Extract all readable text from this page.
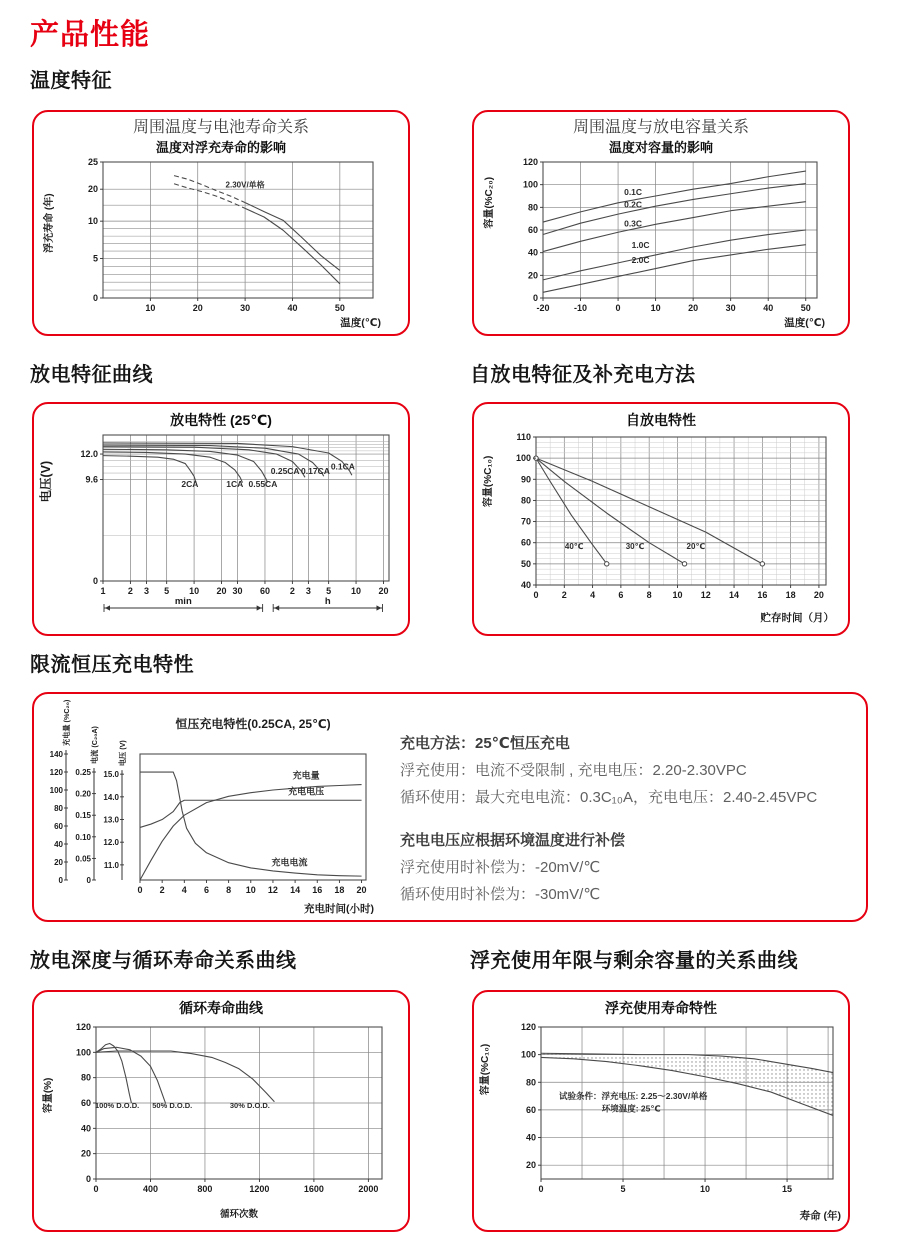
产品性能
温度特征
周围温度与电池寿命关系
温度对浮充寿命的影响
2.30V/单格
10	20	30	40	50
0
5
10
20
25
温度(℃)
浮充寿命 (年)
周围温度与放电容量关系
温度对容量的影响
0.1C
0.2C
0.3C
1.0C
2.0C
-20	-10	0	10	20	30	40	50
0
20
40
60
80
100
120
温度(℃)
容量(%C₂₀)
放电特征曲线	自放电特征及补充电方法
放电特性 (25℃)
2CA	1CA 0.55CA
0.25CA 0.17CA 0.1CA
1 2 3 5 10 20 30 60 2 3 5 10 20
0
9.6
12.0
min	h
电压(V)
自放电特性
40℃	30℃	20℃
0	2	4	6	8 10 12 14 16 18 20
40
50
60
70
80
90
100
110
贮存时间（月）
容量(%C₁₀)
限流恒压充电特性
充电量
充电电压
充电电流
0
20
40
60
80
100
120
140
充电量 (%C₂₀)
0
0.05
0.10
0.15
0.20
0.25
电流 (C₂₀A)
11.0
12.0
13.0
14.0
15.0
电压 (V)
0 2 4 6 8 10 12 14 16 18 20
恒压充电特性(0.25CA, 25℃)
充电时间(小时)

充电方法：25℃恒压充电

浮充使用：电流不受限制 , 充电电压：2.20-2.30VPC

循环使用：最大充电电流：0.3C₁₀A，充电电压：2.40-2.45VPC

充电电压应根据环境温度进行补偿

浮充使用时补偿为：-20mV/℃

循环使用时补偿为：-30mV/℃

放电深度与循环寿命关系曲线	浮充使用年限与剩余容量的关系曲线
循环寿命曲线
100% D.O.D. 50% D.O.D.	30% D.O.D.
0	400	800	1200	1600	2000
0
20
40
60
80
100
120
循环次数
容量(%)
浮充使用寿命特性
试验条件：浮充电压: 2.25～2.30V/单格
环境温度: 25℃
0	5	10	15
20
40
60
80
100
120
寿命 (年)
容量(%C₁₀)
